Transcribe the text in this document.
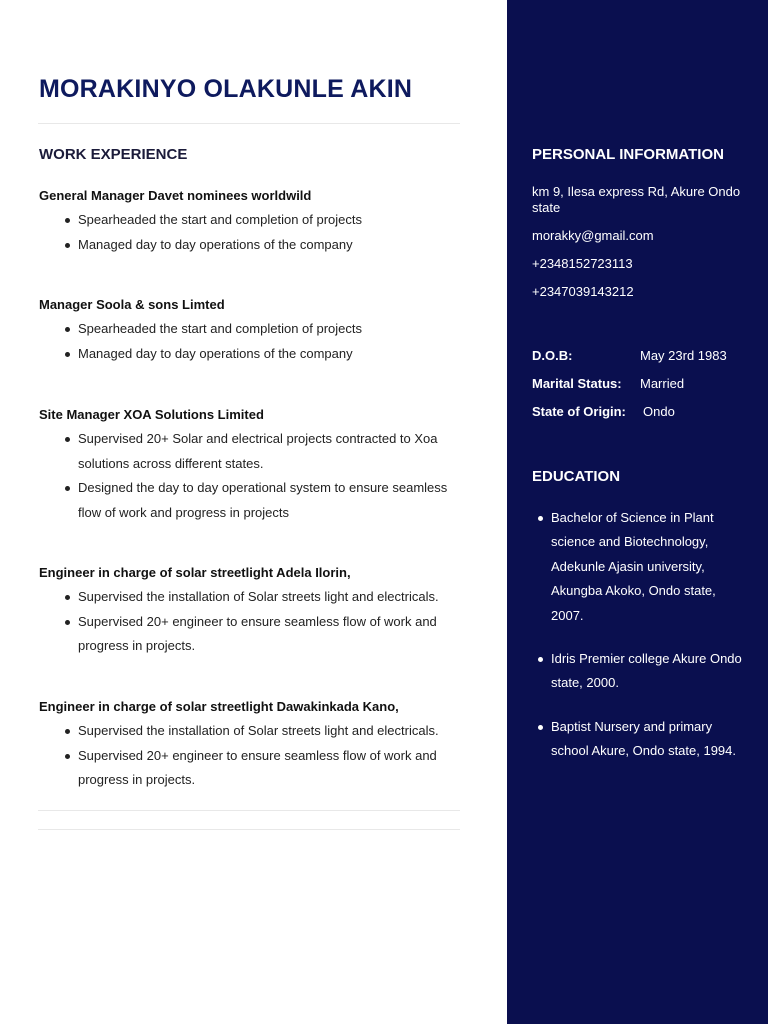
MORAKINYO OLAKUNLE AKIN
WORK EXPERIENCE

General Manager Davet nominees worldwild

Spearheaded the start and completion of projects
Managed day to day operations of the company

Manager Soola & sons Limted

Spearheaded the start and completion of projects
Managed day to day operations of the company

Site Manager XOA Solutions Limited

Supervised 20+ Solar and electrical projects contracted to Xoa solutions across different states.
Designed the day to day operational system to ensure seamless flow of work and progress in projects

Engineer in charge of solar streetlight Adela Ilorin,

Supervised the installation of Solar streets light and electricals.
Supervised 20+ engineer to ensure seamless flow of work and progress in projects.

Engineer in charge of solar streetlight Dawakinkada Kano,

Supervised the installation of Solar streets light and electricals.
Supervised 20+ engineer to ensure seamless flow of work and progress in projects.
PERSONAL INFORMATION
km 9, Ilesa express Rd, Akure Ondo state
morakky@gmail.com
+2348152723113
+2347039143212
D.O.B:	May 23rd 1983
Marital Status: Married
State of Origin: Ondo
EDUCATION
Bachelor of Science in Plant science and Biotechnology, Adekunle Ajasin university, Akungba Akoko, Ondo state, 2007.
Idris Premier college Akure Ondo state, 2000.
Baptist Nursery and primary school Akure, Ondo state, 1994.
